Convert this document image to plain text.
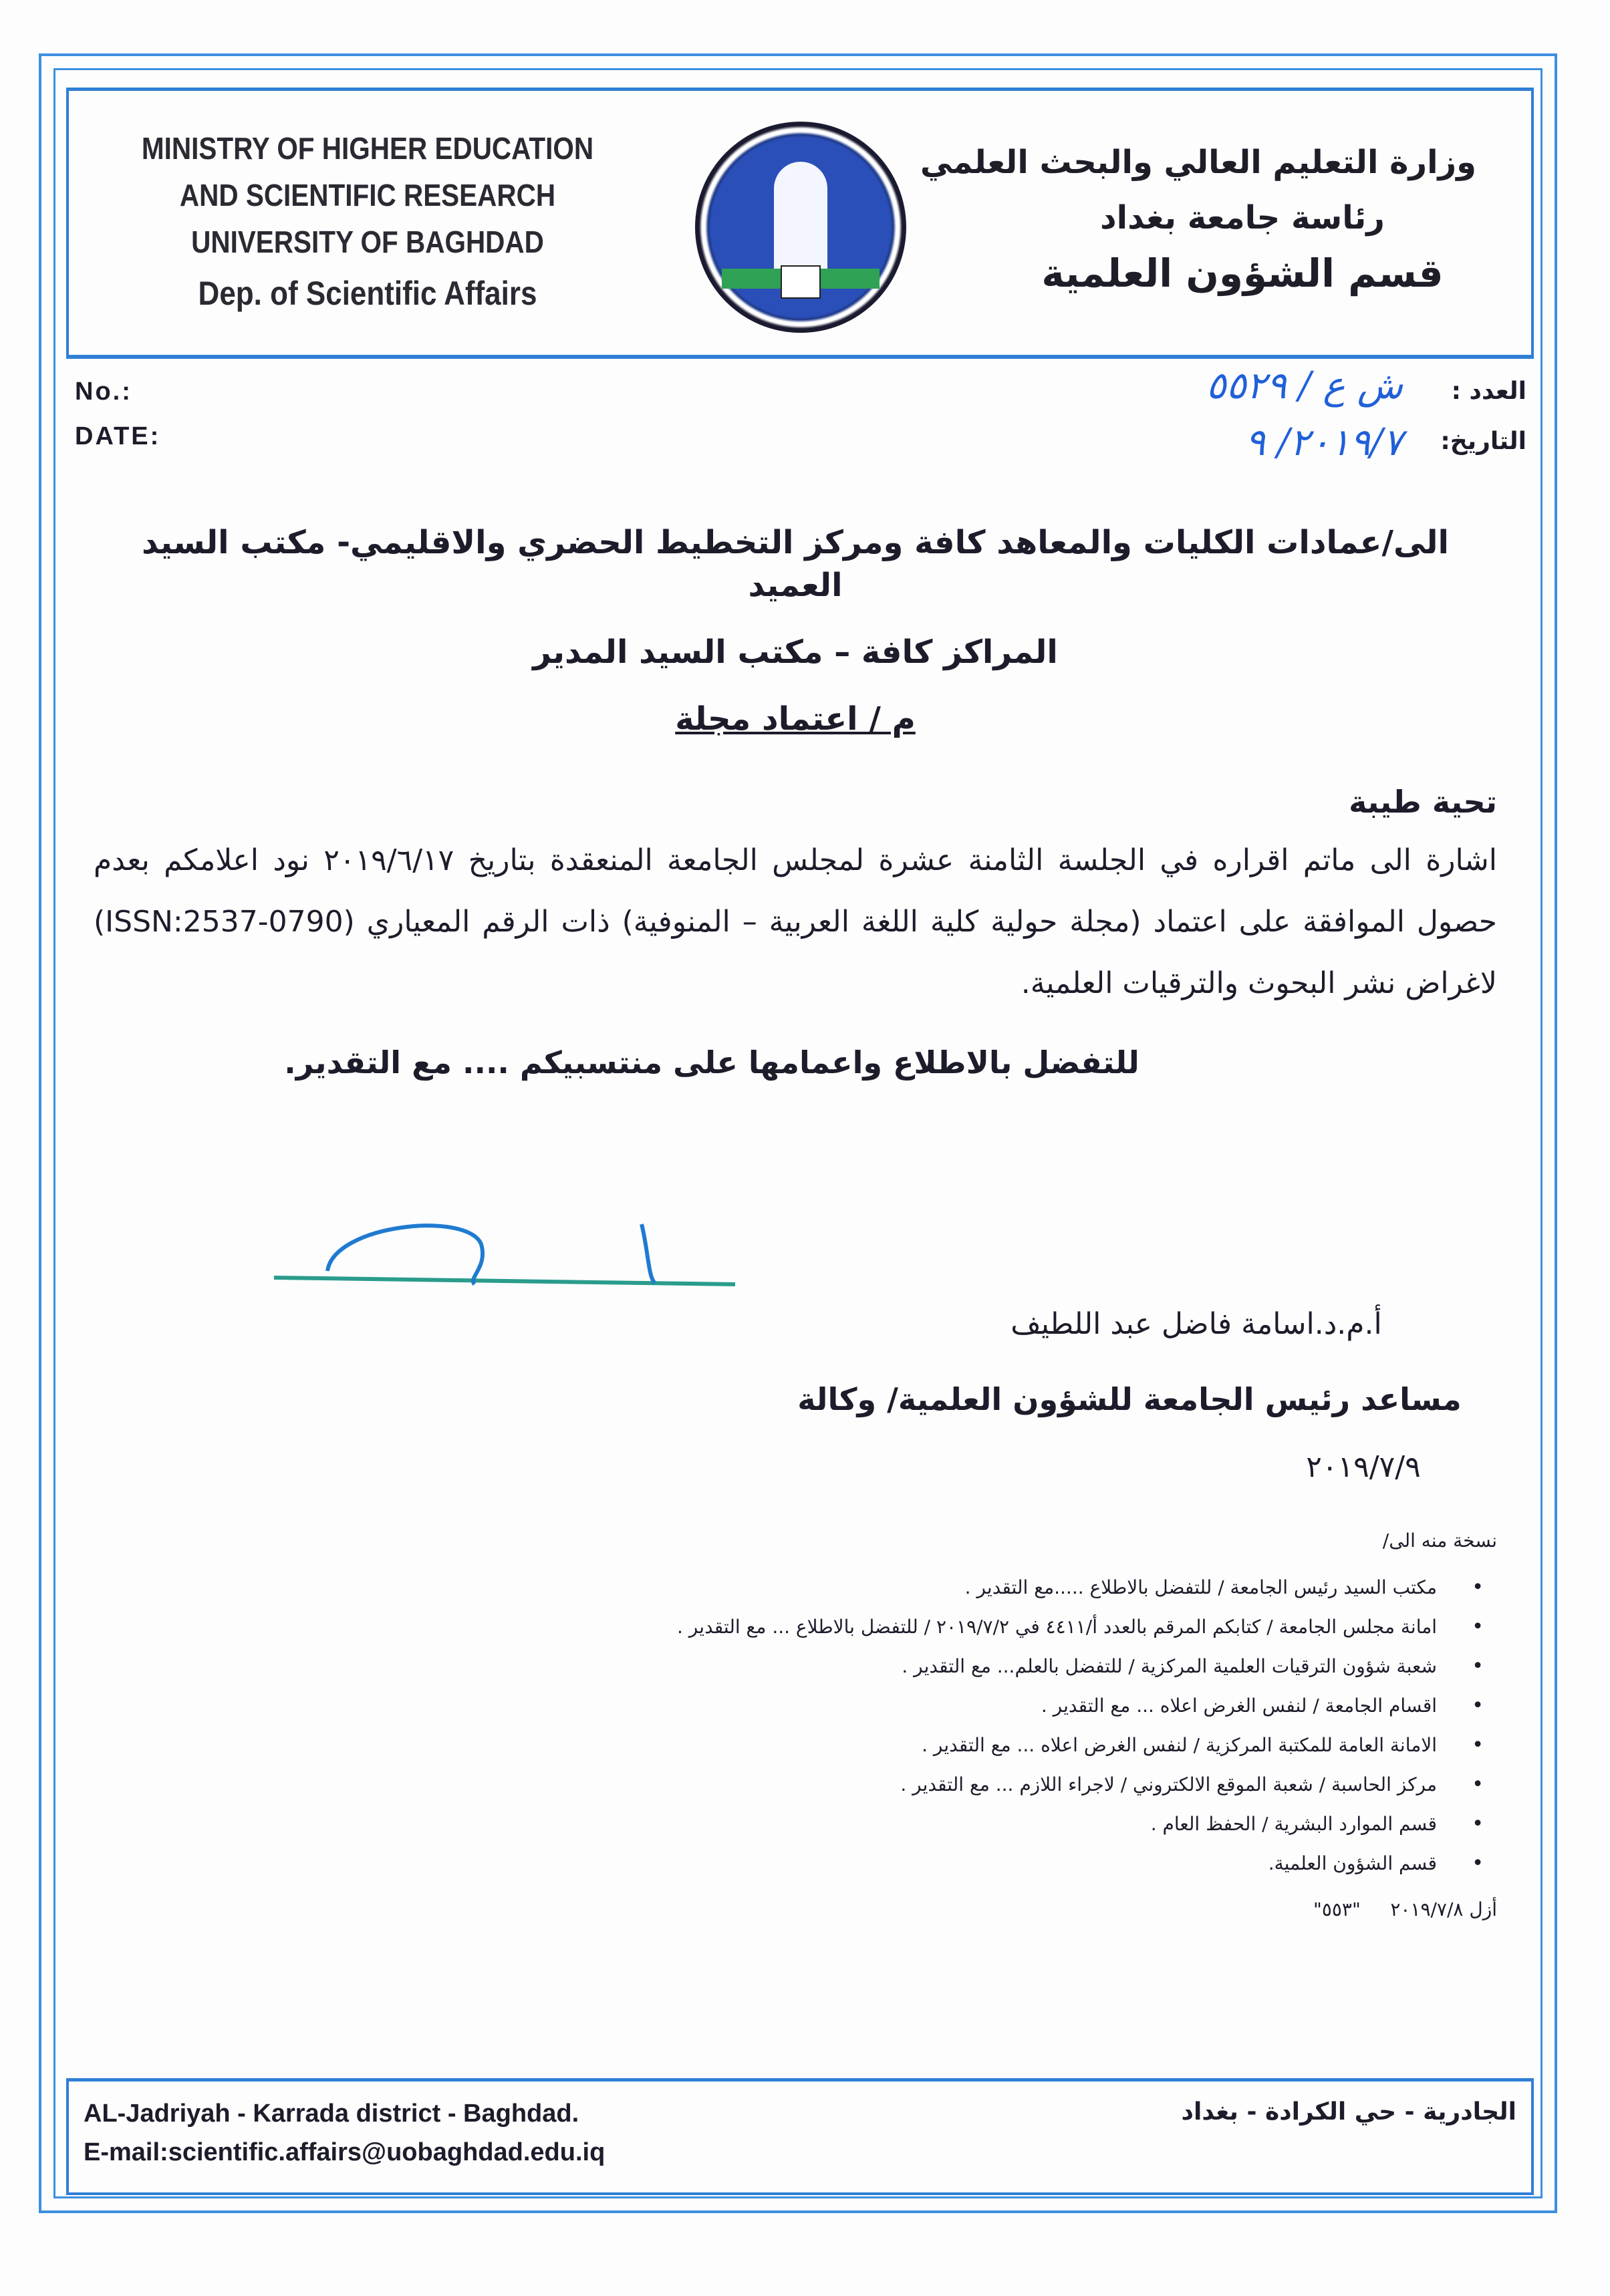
MINISTRY OF HIGHER EDUCATION
AND SCIENTIFIC RESEARCH
UNIVERSITY OF BAGHDAD
Dep. of Scientific Affairs
وزارة التعليم العالي والبحث العلمي
رئاسة جامعة بغداد
قسم الشؤون العلمية
No.:
DATE:
العدد :
التاريخ:
ش ع / ٥٥٢٩
٢٠١٩/٧/ ٩
الى/عمادات الكليات والمعاهد كافة ومركز التخطيط الحضري والاقليمي- مكتب السيد العميد
المراكز كافة – مكتب السيد المدير
م / اعتماد مجلة
تحية طيبة
اشارة الى ماتم اقراره في الجلسة الثامنة عشرة لمجلس الجامعة المنعقدة بتاريخ ٢٠١٩/٦/١٧ نود اعلامكم بعدم حصول الموافقة على اعتماد (مجلة حولية كلية اللغة العربية – المنوفية) ذات الرقم المعياري (ISSN:2537-0790) لاغراض نشر البحوث والترقيات العلمية.
للتفضل بالاطلاع واعمامها على منتسبيكم .... مع التقدير.
أ.م.د.اسامة فاضل عبد اللطيف
مساعد رئيس الجامعة للشؤون العلمية/ وكالة
٢٠١٩/٧/٩
نسخة منه الى/
• مكتب السيد رئيس الجامعة / للتفضل بالاطلاع .....مع التقدير .
• امانة مجلس الجامعة / كتابكم المرقم بالعدد أ/٤٤١١ في ٢٠١٩/٧/٢ / للتفضل بالاطلاع ... مع التقدير .
• شعبة شؤون الترقيات العلمية المركزية / للتفضل بالعلم... مع التقدير .
• اقسام الجامعة / لنفس الغرض اعلاه ... مع التقدير .
• الامانة العامة للمكتبة المركزية / لنفس الغرض اعلاه ... مع التقدير .
• مركز الحاسبة / شعبة الموقع الالكتروني / لاجراء اللازم ... مع التقدير .
• قسم الموارد البشرية / الحفظ العام .
• قسم الشؤون العلمية.
أزل ٢٠١٩/٧/٨     "٥٥٣"
AL-Jadriyah - Karrada district - Baghdad.
E-mail:scientific.affairs@uobaghdad.edu.iq
الجادرية - حي الكرادة - بغداد
